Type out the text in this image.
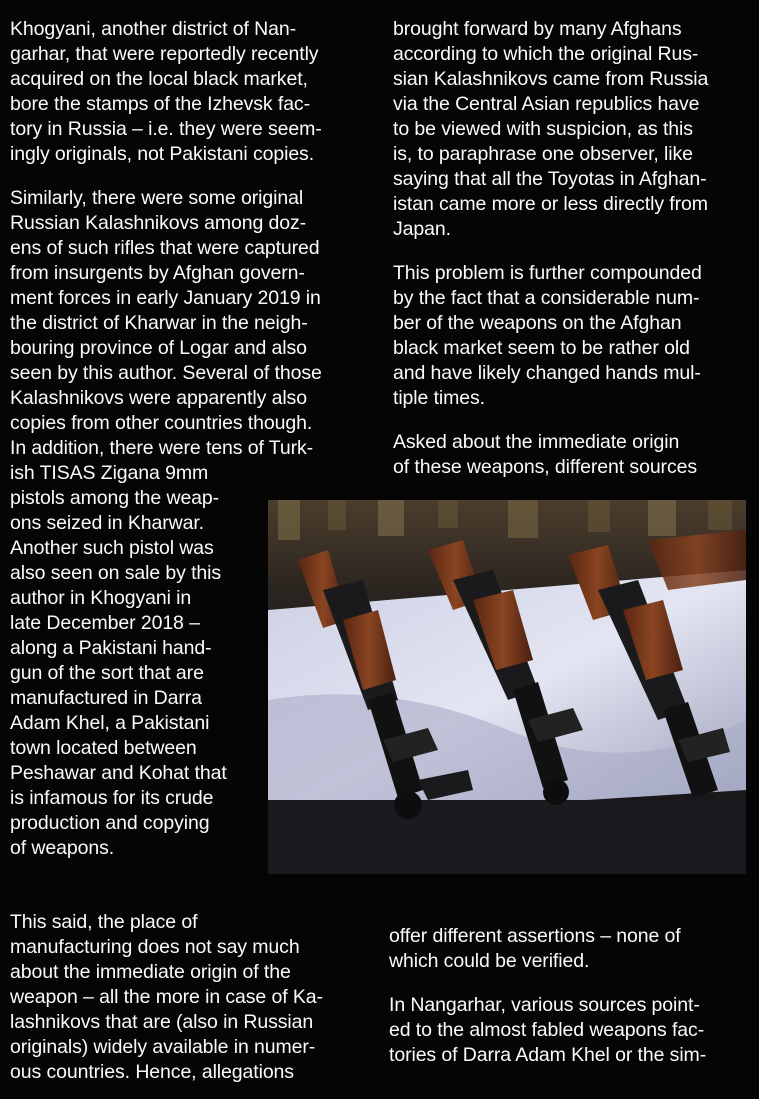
Khogyani, another district of Nan-
garhar, that were reportedly recently
acquired on the local black market,
bore the stamps of the Izhevsk fac-
tory in Russia – i.e. they were seem-
ingly originals, not Pakistani copies.
Similarly, there were some original
Russian Kalashnikovs among doz-
ens of such rifles that were captured
from insurgents by Afghan govern-
ment forces in early January 2019 in
the district of Kharwar in the neigh-
bouring province of Logar and also
seen by this author. Several of those
Kalashnikovs were apparently also
copies from other countries though.
In addition, there were tens of Turk-
ish TISAS Zigana 9mm
pistols among the weap-
ons seized in Kharwar.
Another such pistol was
also seen on sale by this
author in Khogyani in
late December 2018 –
along a Pakistani hand-
gun of the sort that are
manufactured in Darra
Adam Khel, a Pakistani
town located between
Peshawar and Kohat that
is infamous for its crude
production and copying
of weapons.
This said, the place of
manufacturing does not say much
about the immediate origin of the
weapon – all the more in case of Ka-
lashnikovs that are (also in Russian
originals) widely available in numer-
ous countries. Hence, allegations
brought forward by many Afghans
according to which the original Rus-
sian Kalashnikovs came from Russia
via the Central Asian republics have
to be viewed with suspicion, as this
is, to paraphrase one observer, like
saying that all the Toyotas in Afghan-
istan came more or less directly from
Japan.
This problem is further compounded
by the fact that a considerable num-
ber of the weapons on the Afghan
black market seem to be rather old
and have likely changed hands mul-
tiple times.
Asked about the immediate origin
of these weapons, different sources
offer different assertions – none of
which could be verified.
In Nangarhar, various sources point-
ed to the almost fabled weapons fac-
tories of Darra Adam Khel or the sim-
